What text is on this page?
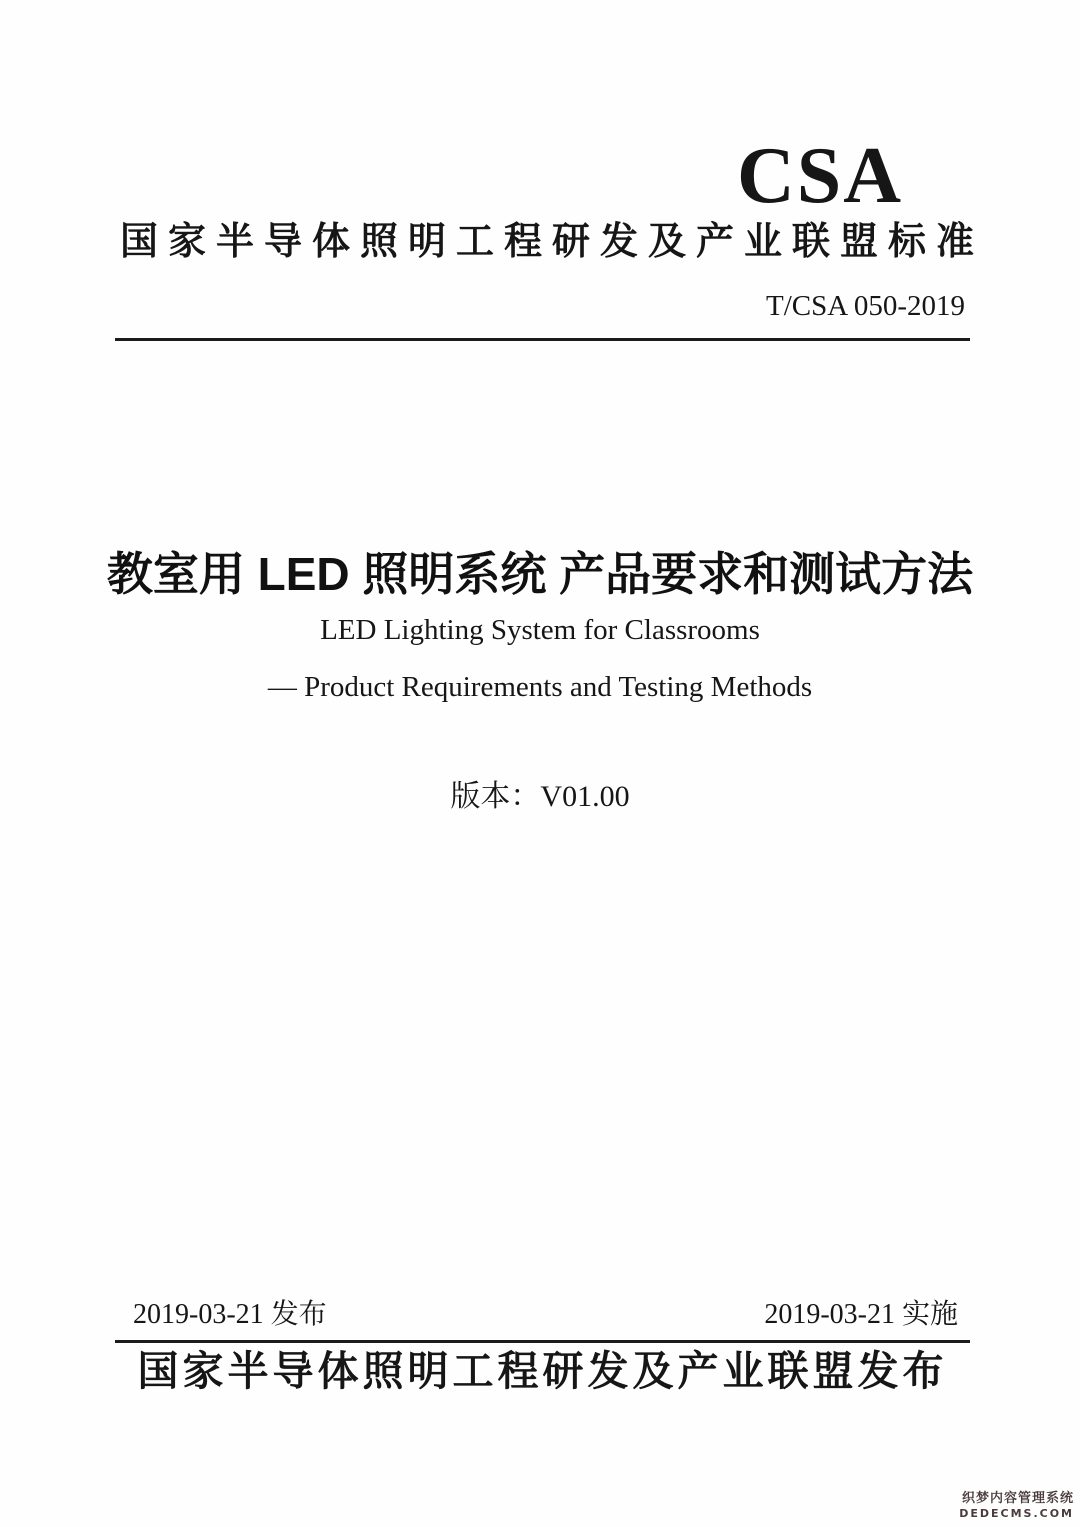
CSA
国家半导体照明工程研发及产业联盟标准
T/CSA 050-2019
教室用 LED 照明系统 产品要求和测试方法
LED Lighting System for Classrooms
— Product Requirements and Testing Methods
版本：V01.00
2019-03-21 发布	2019-03-21 实施
国家半导体照明工程研发及产业联盟发布
织梦内容管理系统
DEDECMS.COM
